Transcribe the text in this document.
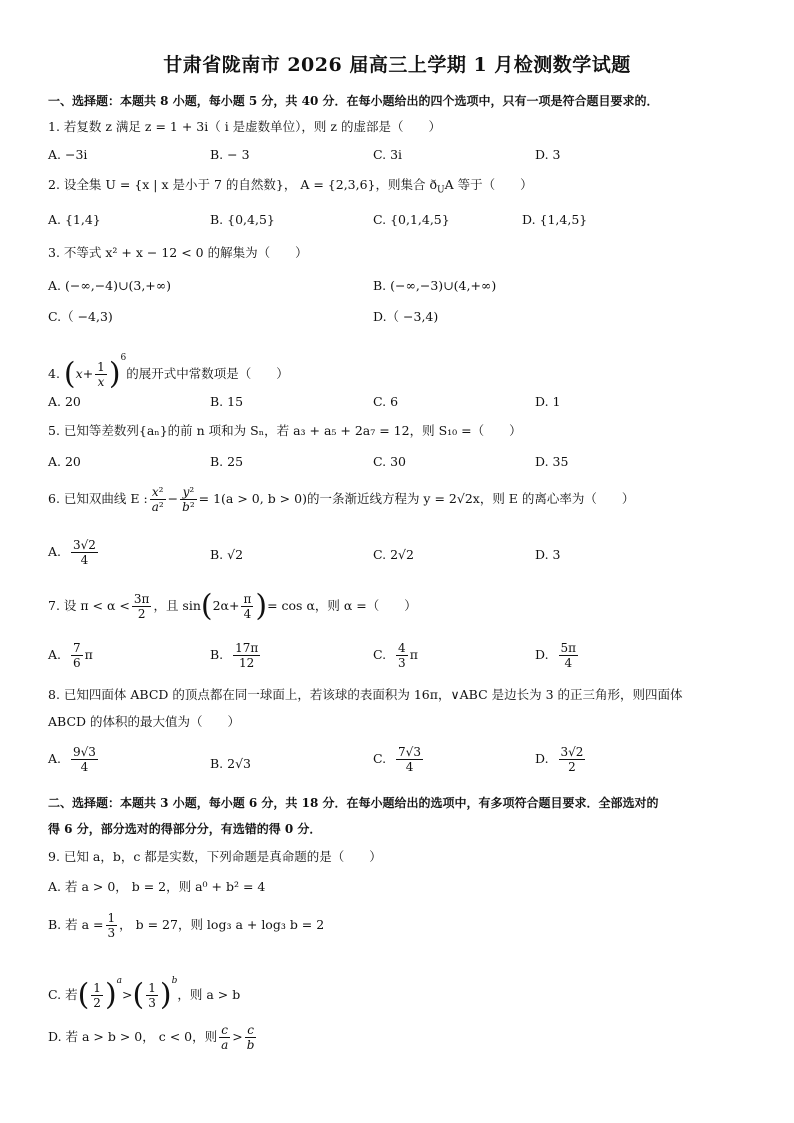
甘肃省陇南市 2026 届高三上学期 1 月检测数学试题
一、选择题：本题共 8 小题，每小题 5 分，共 40 分．在每小题给出的四个选项中，只有一项是符合题目要求的．
1. 若复数 z 满足 z = 1 + 3i（ i 是虚数单位），则 z 的虚部是（　　）
A. −3i	B. − 3	C. 3i	D. 3
2. 设全集 U = {x | x 是小于 7 的自然数}， A = {2,3,6}，则集合 $ð_UA$ 等于（　　）
A. {1,4}	B. {0,4,5}	C. {0,1,4,5}	D. {1,4,5}
3. 不等式 x² + x − 12 < 0 的解集为（　　）
A. (−∞,−4)∪(3,+∞)	B. (−∞,−3)∪(4,+∞)
C.（ −4,3)	D.（ −3,4)
4. $(x+ \frac{1}{x} )^6$的展开式中常数项是（　　）
A. 20	B. 15	C. 6	D. 1
5. 已知等差数列{aₙ}的前 n 项和为 Sₙ，若 a₃ + a₅ + 2a₇ = 12，则 S₁₀ =（　　）
A. 20	B. 25	C. 30	D. 35
6. 已知双曲线 E : $\frac{\text{x²}}{\text{a²}} - \frac{\text{y²}}{\text{b²}} = 1(a > 0$, b > 0)的一条渐近线方程为 y = 2√2x，则 E 的离心率为（　　）
A. $\frac{3√2}{4}$	B. √2	C. 2√2	D. 3
7. 设 $\pi < \alpha < \frac{3\pi}{2}$ ，且 $\sin(2\alpha+ \frac{\pi}{4}$ )= cos α，则 α =（　　）
A. $\frac{7}{6}$ π	B. $\frac{17\pi}{12}$	C. $\frac{4}{3}$ π	D. $\frac{5\pi}{4}$
8. 已知四面体 ABCD 的顶点都在同一球面上，若该球的表面积为 16π，∨ABC 是边长为 3 的正三角形，则四面体
ABCD 的体积的最大值为（　　）
A. $\frac{9√3}{4}$	B. 2√3	C. $\frac{7√3}{4}$	D. $\frac{3√2}{2}$
二、选择题：本题共 3 小题，每小题 6 分，共 18 分．在每小题给出的选项中，有多项符合题目要求．全部选对的
得 6 分，部分选对的得部分分，有选错的得 0 分．
9. 已知 a，b，c 都是实数，下列命题是真命题的是（　　）
A. 若 a > 0， b = 2，则 a⁰ + b² = 4
B. 若 $a = \frac{1}{3}$ ， b = 27，则 log₃ a + log₃ b = 2
C. 若( $\frac{1}{2} )^a>( \frac{1}{3} )^b$，则 a > b
D. 若 a > b > 0， c < 0，则 $\frac{c}{a} > \frac{c}{b}$
